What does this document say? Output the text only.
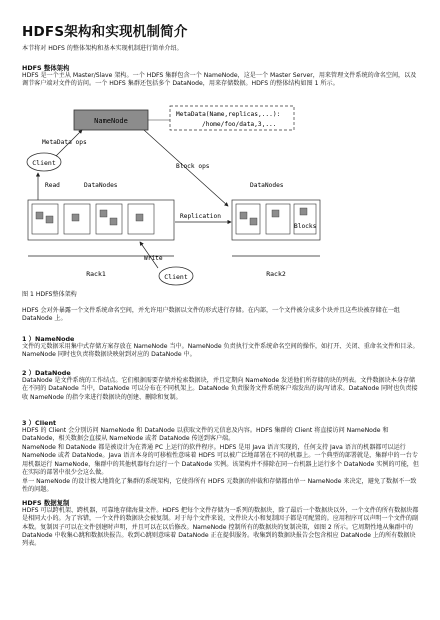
HDFS架构和实现机制简介

本节将对 HDFS 的整体架构和基本实现机制进行简单介绍。

HDFS 整体架构

HDFS 是一个主从 Master/Slave 架构。一个 HDFS 集群包含一个 NameNode，这是一个 Master Server，用来管理文件系统的命名空间，以及调节客户端对文件的访问。一个 HDFS 集群还包括多个 DataNode，用来存储数据。HDFS 的整体结构如图 1 所示。

NameNode
MetaData(Name,replicas,...):
/home/foo/data,3,...
MetaData ops
Client	Block ops
Read	DataNodes	DataNodes
Blocks
Replication
Rack1	Rack2
Write
Client
图 1 HDFS整体架构

HDFS 会对外暴露一个文件系统命名空间，并允许用户数据以文件的形式进行存储。在内部，一个文件被分成多个块并且这些块被存储在一组 DataNode 上。

1 ）NameNode

文件的元数据采用集中式存储方案存放在 NameNode 当中。NameNode 负责执行文件系统命名空间的操作，如打开、关闭、重命名文件和目录。NameNode 同时也负责将数据块映射到对应的 DataNode 中。

2 ）DataNode

DataNode 是文件系统的工作结点。它们根据需要存储并检索数据块，并且定期向 NameNode 发送他们所存储的块的列表。文件数据块本身存储在不同的 DataNode 当中，DataNode 可以分布在不同机架上。DataNode 负责服务文件系统客户端发出的读/写请求。DataNode 同时也负责接收 NameNode 的指令来进行数据块的创建、删除和复制。

3 ）Client

HDFS 的 Client 会分别访问 NameNode 和 DataNode 以获取文件的元信息及内容。HDFS 集群的 Client 将直接访问 NameNode 和 DataNode，相关数据会直接从 NameNode 或者 DataNode 传送到客户端。

NameNode 和 DataNode 都是被设计为在普通 PC 上运行的软件程序。HDFS 是用 Java 语言实现的，任何支持 Java 语言的机器都可以运行 NameNode 或者 DataNode。Java 语言本身的可移植性意味着 HDFS 可以被广泛地部署在不同的机器上。一个典型的部署就是，集群中的一台专用机器运行 NameNode，集群中的其他机器每台运行一个 DataNode 实例。该架构并不排除在同一台机器上运行多个 DataNode 实例的可能，但在实际的部署中很少会这么做。

单一 NameNode 的设计极大地简化了集群的系统架构，它使得所有 HDFS 元数据的仲裁和存储都由单一 NameNode 来决定，避免了数据不一致性的问题。

HDFS 数据复制

HDFS 可以跨机架、跨机器，可靠地存储海量文件。HDFS 把每个文件存储为一系列的数据块，除了最后一个数据块以外，一个文件的所有数据块都是相同大小的。为了容错，一个文件的数据块会被复制。对于每个文件来说，文件块大小和复制因子都是可配置的。应用程序可以声明一个文件的副本数。复制因子可以在文件创建时声明，并且可以在以后修改。NameNode 控制所有的数据块的复制决策，如图 2 所示。它周期性地从集群中的 DataNode 中收集心跳和数据块报告。收到心跳则意味着 DataNode 正在提供服务。收集到的数据块报告会包含相应 DataNode 上的所有数据块列表。
